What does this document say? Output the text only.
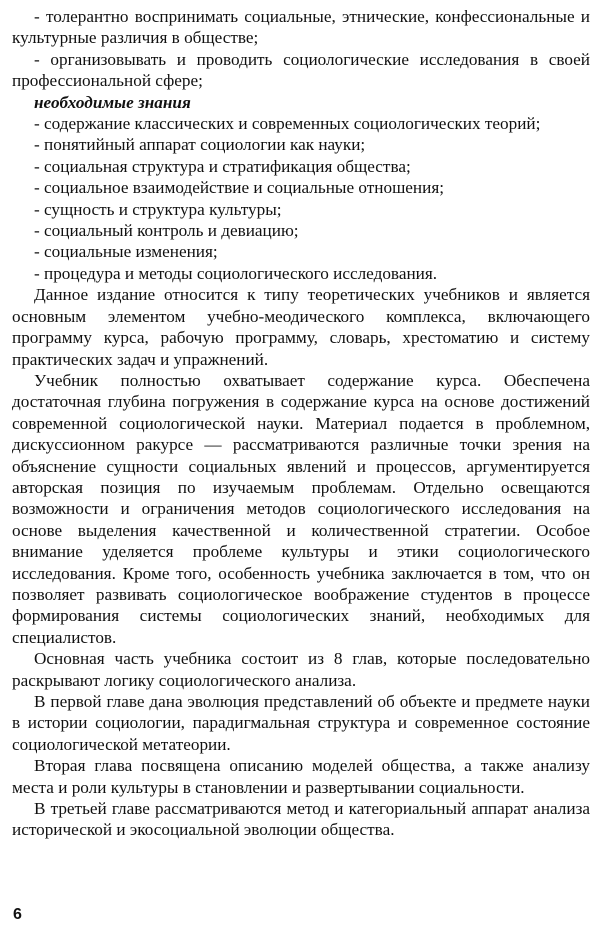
- толерантно воспринимать социальные, этнические, конфессиональные и культурные различия в обществе;

- организовывать и проводить социологические исследования в своей профессиональной сфере;

необходимые знания

- содержание классических и современных социологических теорий;

- понятийный аппарат социологии как науки;

- социальная структура и стратификация общества;

- социальное взаимодействие и социальные отношения;

- сущность и структура культуры;

- социальный контроль и девиацию;

- социальные изменения;

- процедура и методы социологического исследования.

Данное издание относится к типу теоретических учебников и является основным элементом учебно-меодического комплекса, включающего программу курса, рабочую программу, словарь, хрестоматию и систему практических задач и упражнений.

Учебник полностью охватывает содержание курса. Обеспечена достаточная глубина погружения в содержание курса на основе достижений современной социологической науки. Материал подается в проблемном, дискуссионном ракурсе — рассматриваются различные точки зрения на объяснение сущности социальных явлений и процессов, аргументируется авторская позиция по изучаемым проблемам. Отдельно освещаются возможности и ограничения методов социологического исследования на основе выделения качественной и количественной стратегии. Особое внимание уделяется проблеме культуры и этики социологического исследования. Кроме того, особенность учебника заключается в том, что он позволяет развивать социологическое воображение студентов в процессе формирования системы социологических знаний, необходимых для специалистов.

Основная часть учебника состоит из 8 глав, которые последовательно раскрывают логику социологического анализа.

В первой главе дана эволюция представлений об объекте и предмете науки в истории социологии, парадигмальная структура и современное состояние социологической метатеории.

Вторая глава посвящена описанию моделей общества, а также анализу места и роли культуры в становлении и развертывании социальности.

В третьей главе рассматриваются метод и категориальный аппарат анализа исторической и экосоциальной эволюции общества.

6
